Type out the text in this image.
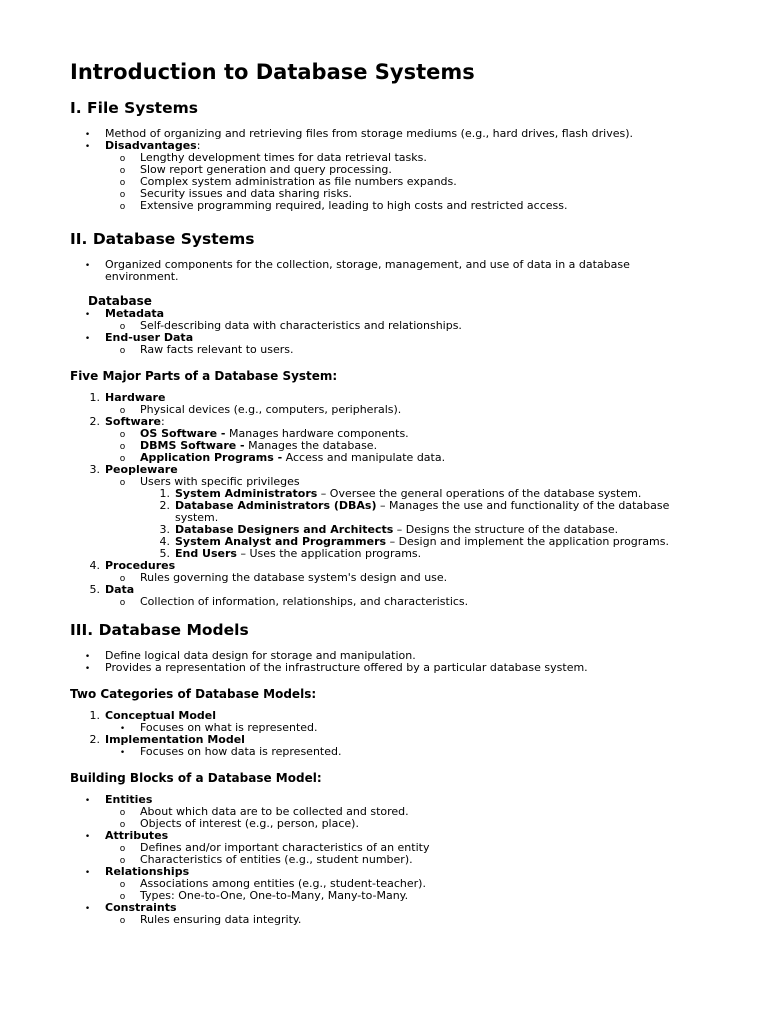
Introduction to Database Systems
I. File Systems
•
Method of organizing and retrieving files from storage mediums (e.g., hard drives, flash drives).
•
Disadvantages:
o
Lengthy development times for data retrieval tasks.
o
Slow report generation and query processing.
o
Complex system administration as file numbers expands.
o
Security issues and data sharing risks.
o
Extensive programming required, leading to high costs and restricted access.
II. Database Systems
•
Organized components for the collection, storage, management, and use of data in a database environment.
Database
•
Metadata
o
Self-describing data with characteristics and relationships.
•
End-user Data
o
Raw facts relevant to users.
Five Major Parts of a Database System:
1. Hardware
o
Physical devices (e.g., computers, peripherals).
2. Software:
o
OS Software - Manages hardware components.
o
DBMS Software - Manages the database.
o
Application Programs - Access and manipulate data.
3. Peopleware
o
Users with specific privileges
1. System Administrators – Oversee the general operations of the database system.
2. Database Administrators (DBAs) – Manages the use and functionality of the database system.
3. Database Designers and Architects – Designs the structure of the database.
4. System Analyst and Programmers – Design and implement the application programs.
5. End Users – Uses the application programs.
4. Procedures
o
Rules governing the database system's design and use.
5. Data
o
Collection of information, relationships, and characteristics.
III. Database Models
•
Define logical data design for storage and manipulation.
•
Provides a representation of the infrastructure offered by a particular database system.
Two Categories of Database Models:
1. Conceptual Model
•
Focuses on what is represented.
2. Implementation Model
•
Focuses on how data is represented.
Building Blocks of a Database Model:
•
Entities
o
About which data are to be collected and stored.
o
Objects of interest (e.g., person, place).
•
Attributes
o
Defines and/or important characteristics of an entity
o
Characteristics of entities (e.g., student number).
•
Relationships
o
Associations among entities (e.g., student-teacher).
o
Types: One-to-One, One-to-Many, Many-to-Many.
•
Constraints
o
Rules ensuring data integrity.
